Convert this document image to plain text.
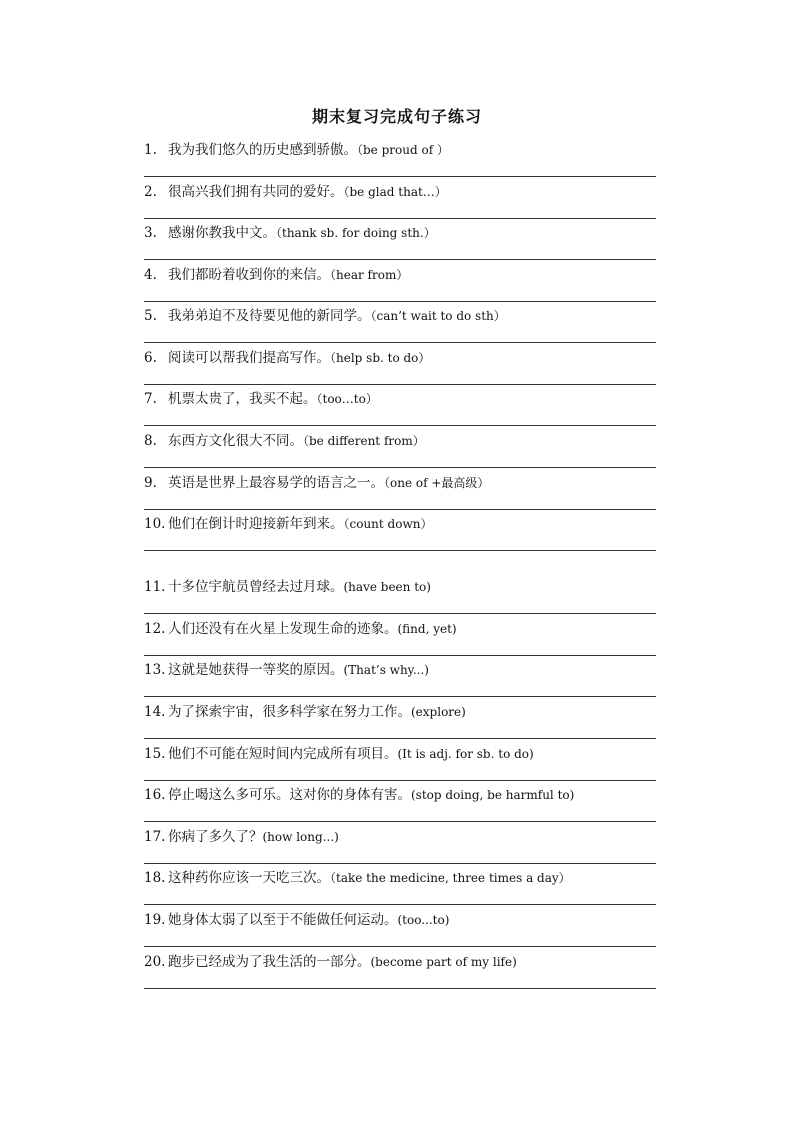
期末复习完成句子练习
1. 我为我们悠久的历史感到骄傲。（be proud of ）
2. 很高兴我们拥有共同的爱好。（be glad that…）
3. 感谢你教我中文。（thank sb. for doing sth.）
4. 我们都盼着收到你的来信。（hear from）
5. 我弟弟迫不及待要见他的新同学。（can’t wait to do sth）
6. 阅读可以帮我们提高写作。（help sb. to do）
7. 机票太贵了，我买不起。（too…to）
8. 东西方文化很大不同。（be different from）
9. 英语是世界上最容易学的语言之一。（one of +最高级）
10. 他们在倒计时迎接新年到来。（count down）
11. 十多位宇航员曾经去过月球。(have been to)
12. 人们还没有在火星上发现生命的迹象。(find, yet)
13. 这就是她获得一等奖的原因。(That’s why...)
14. 为了探索宇宙，很多科学家在努力工作。(explore)
15. 他们不可能在短时间内完成所有项目。(It is adj. for sb. to do)
16. 停止喝这么多可乐。这对你的身体有害。(stop doing, be harmful to)
17. 你病了多久了？(how long...)
18. 这种药你应该一天吃三次。（take the medicine, three times a day）
19. 她身体太弱了以至于不能做任何运动。(too...to)
20. 跑步已经成为了我生活的一部分。(become part of my life)
